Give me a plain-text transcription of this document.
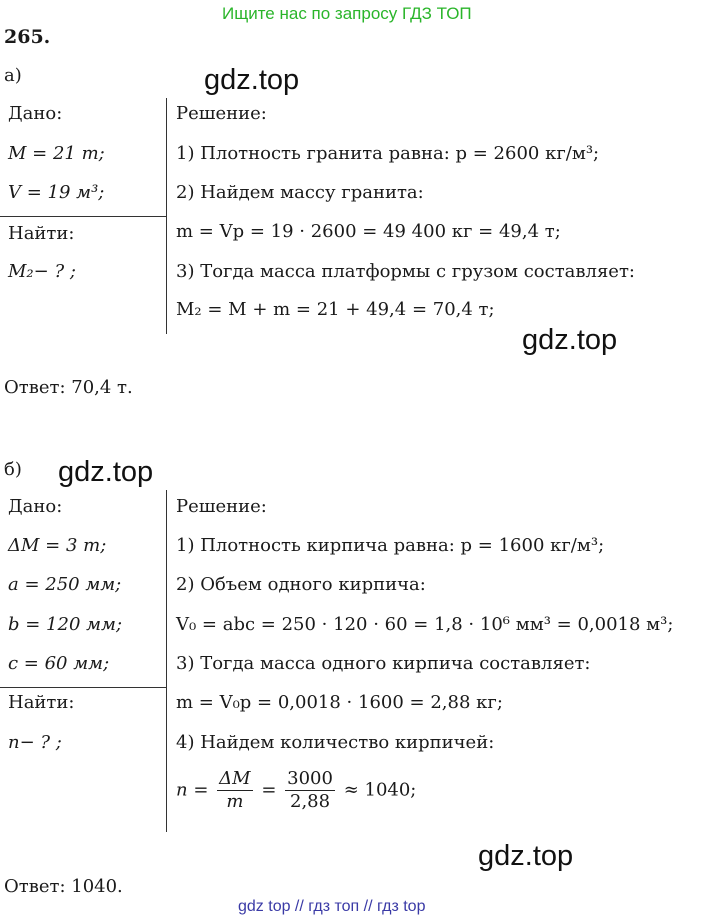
Ищите нас по запросу ГДЗ ТОП
265.
а)	gdz.top
Дано:
M = 21 т;
V = 19 м³;
Найти:
M₂− ? ;
Решение:
1) Плотность гранита равна: p = 2600 кг/м³;
2) Найдем массу гранита:
m = Vp = 19 · 2600 = 49 400 кг = 49,4 т;
3) Тогда масса платформы с грузом составляет:
M₂ = M + m = 21 + 49,4 = 70,4 т;
gdz.top
Ответ: 70,4 т.
б) gdz.top
Дано:
ΔM = 3 т;
a = 250 мм;
b = 120 мм;
c = 60 мм;
Найти:
n− ? ;
Решение:
1) Плотность кирпича равна: p = 1600 кг/м³;
2) Объем одного кирпича:
V₀ = abc = 250 · 120 · 60 = 1,8 · 10⁶ мм³ = 0,0018 м³;
3) Тогда масса одного кирпича составляет:
m = V₀p = 0,0018 · 1600 = 2,88 кг;
4) Найдем количество кирпичей:
$n = \frac{\Delta M}{m} = \frac{3000}{2,88} \approx 1040$;
gdz.top
Ответ: 1040.
gdz top // гдз топ // гдз top
